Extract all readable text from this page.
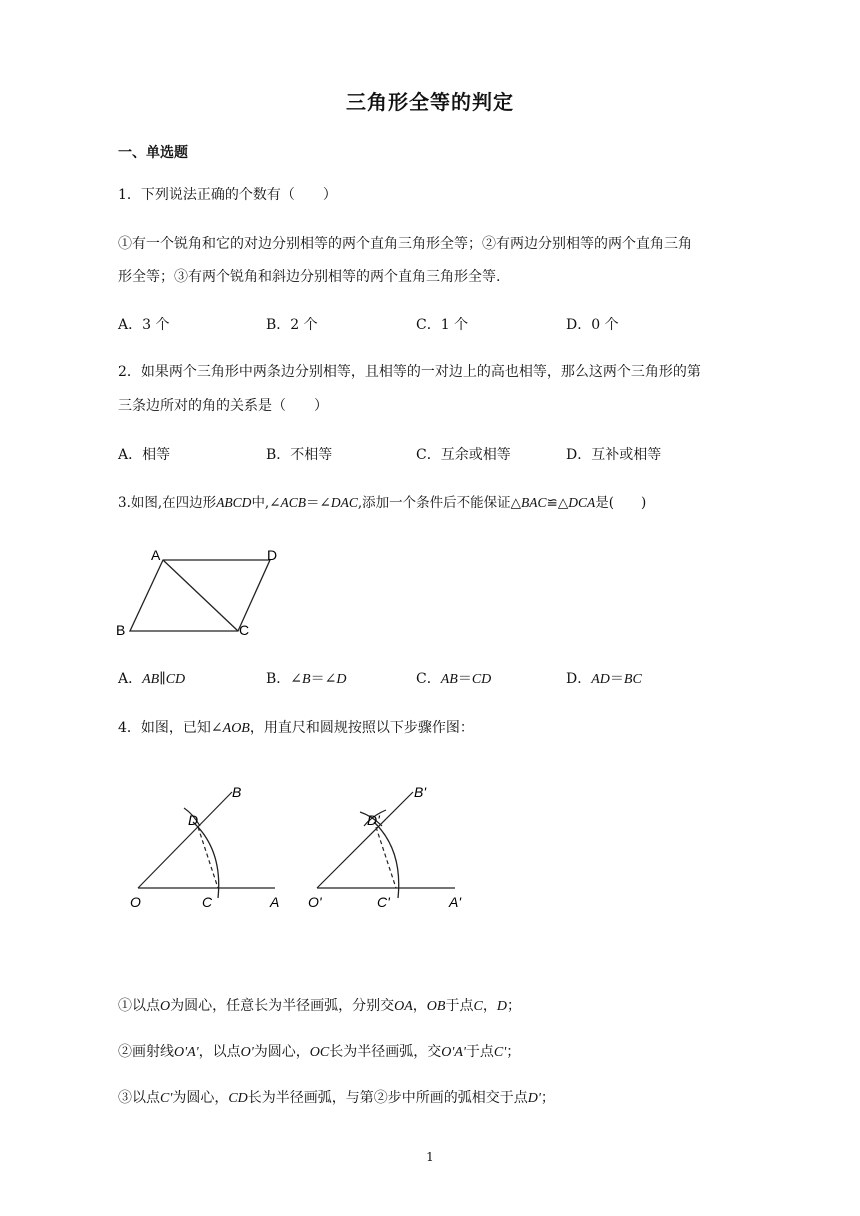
三角形全等的判定
一、单选题
1．下列说法正确的个数有（　　）
①有一个锐角和它的对边分别相等的两个直角三角形全等；②有两边分别相等的两个直角三角
形全等；③有两个锐角和斜边分别相等的两个直角三角形全等.
A．3 个	B．2 个	C．1 个	D．0 个
2．如果两个三角形中两条边分别相等，且相等的一对边上的高也相等，那么这两个三角形的第
三条边所对的角的关系是（　　）
A．相等	B．不相等	C．互余或相等	D．互补或相等
3.如图,在四边形ABCD中,∠ACB＝∠DAC,添加一个条件后不能保证△BAC≌△DCA是(　　)
A	D
B	C
A．AB∥CD	B．∠B＝∠D	C．AB＝CD	D．AD＝BC
4．如图，已知∠AOB，用直尺和圆规按照以下步骤作图：
O	C	A
B
D
O'	C'	A'
B'
D'
①以点O为圆心，任意长为半径画弧，分别交OA，OB于点C，D；
②画射线O'A'，以点O'为圆心，OC长为半径画弧，交O'A'于点C'；
③以点C'为圆心，CD长为半径画弧，与第②步中所画的弧相交于点D'；
1
